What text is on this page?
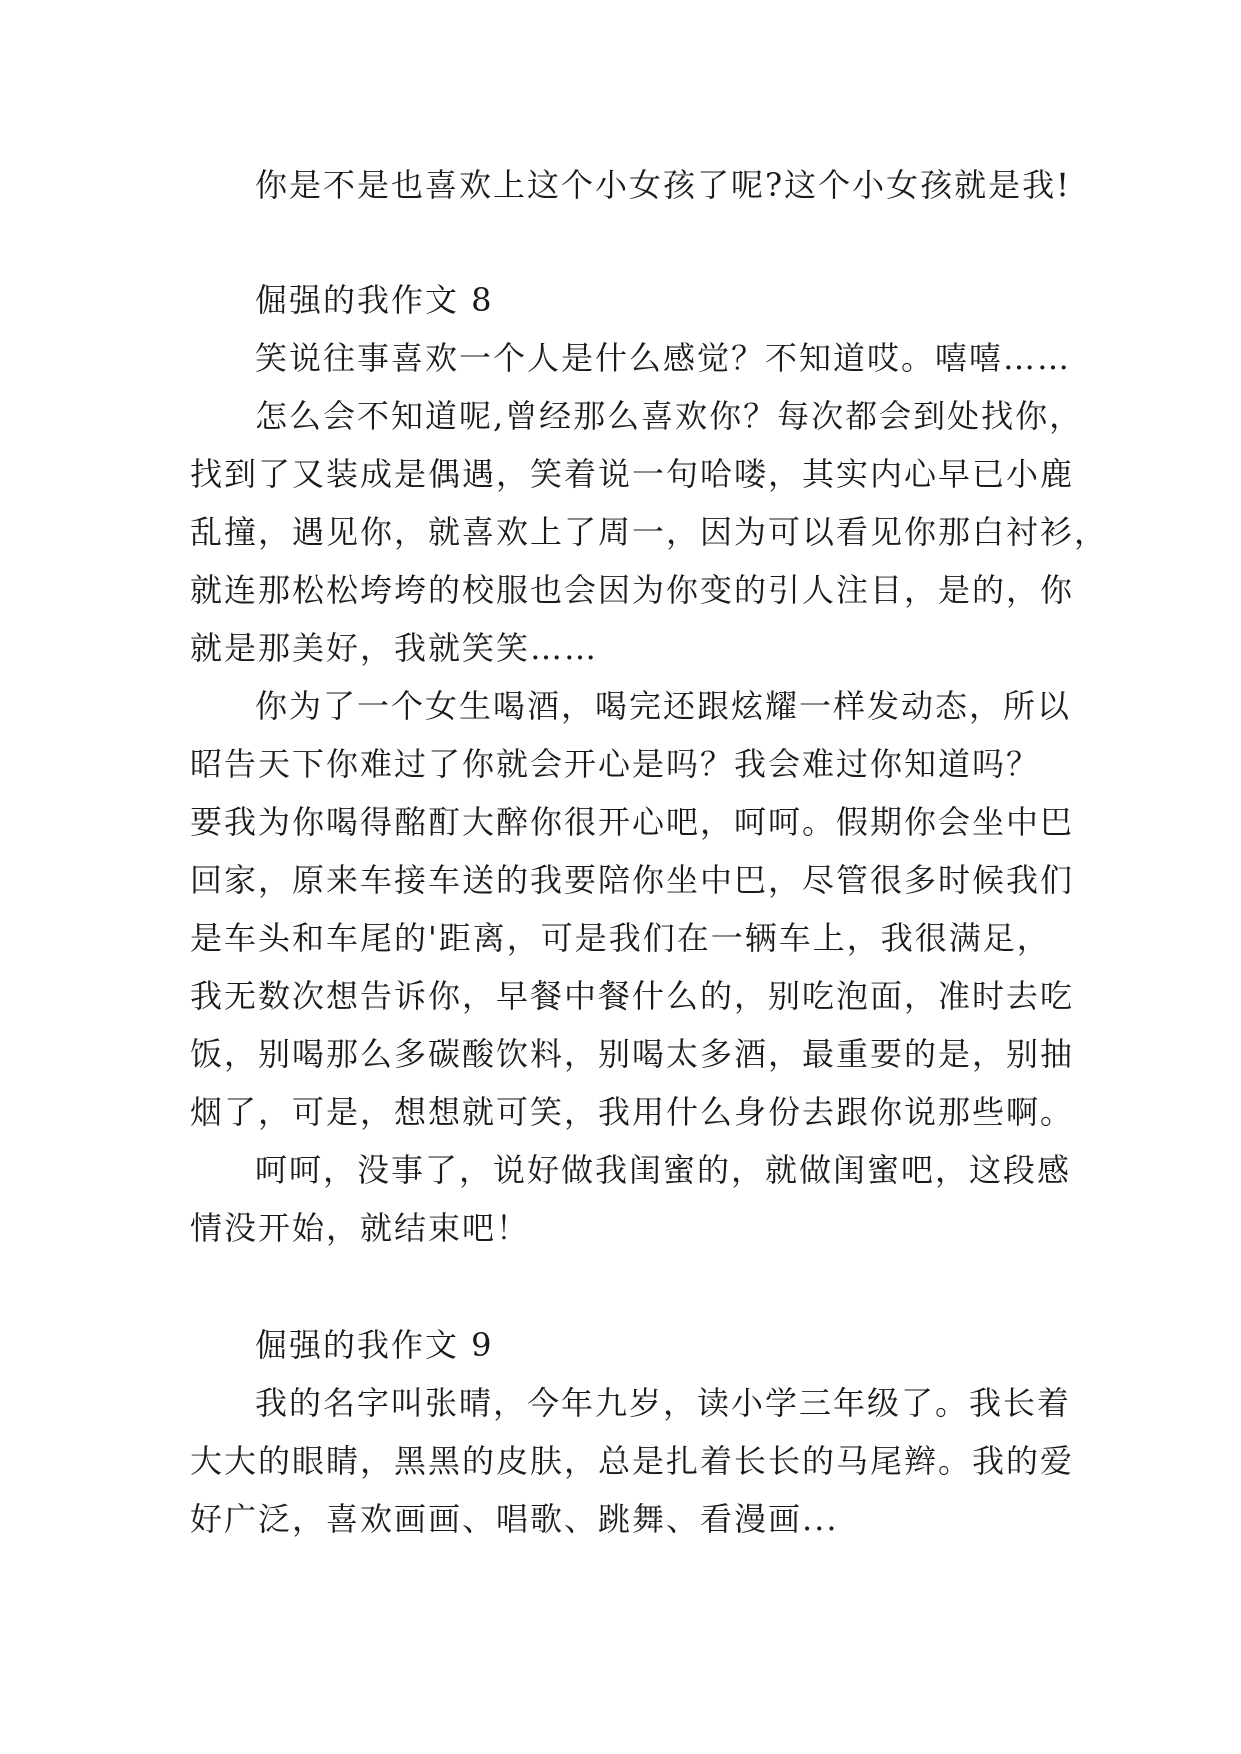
你是不是也喜欢上这个小女孩了呢?这个小女孩就是我!
倔强的我作文 8
笑说往事喜欢一个人是什么感觉？不知道哎。嘻嘻……
怎么会不知道呢,曾经那么喜欢你？每次都会到处找你，
找到了又装成是偶遇，笑着说一句哈喽，其实内心早已小鹿
乱撞，遇见你，就喜欢上了周一，因为可以看见你那白衬衫，
就连那松松垮垮的校服也会因为你变的引人注目，是的，你
就是那美好，我就笑笑……
你为了一个女生喝酒，喝完还跟炫耀一样发动态，所以
昭告天下你难过了你就会开心是吗？我会难过你知道吗？
要我为你喝得酩酊大醉你很开心吧，呵呵。假期你会坐中巴
回家，原来车接车送的我要陪你坐中巴，尽管很多时候我们
是车头和车尾的'距离，可是我们在一辆车上，我很满足，
我无数次想告诉你，早餐中餐什么的，别吃泡面，准时去吃
饭，别喝那么多碳酸饮料，别喝太多酒，最重要的是，别抽
烟了，可是，想想就可笑，我用什么身份去跟你说那些啊。
呵呵，没事了，说好做我闺蜜的，就做闺蜜吧，这段感
情没开始，就结束吧！
倔强的我作文 9
我的名字叫张晴，今年九岁，读小学三年级了。我长着
大大的眼睛，黑黑的皮肤，总是扎着长长的马尾辫。我的爱
好广泛，喜欢画画、唱歌、跳舞、看漫画...
